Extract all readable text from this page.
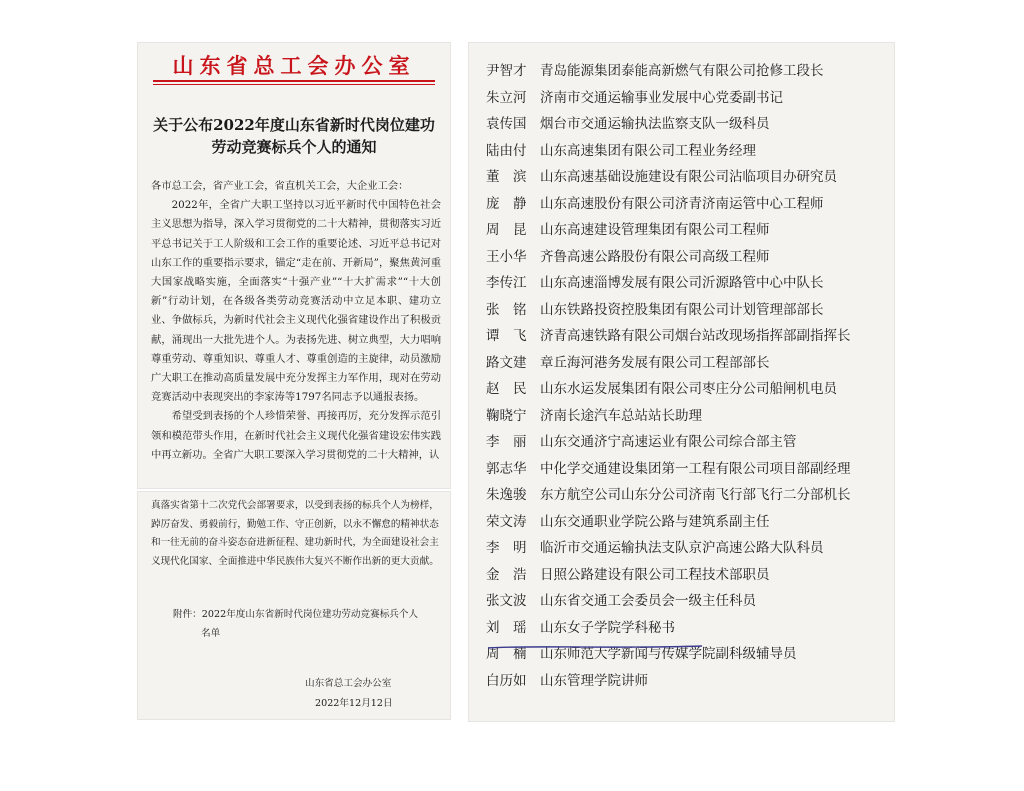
山东省总工会办公室
关于公布2022年度山东省新时代岗位建功
劳动竞赛标兵个人的通知

各市总工会，省产业工会，省直机关工会，大企业工会：

2022年，全省广大职工坚持以习近平新时代中国特色社会主义思想为指导，深入学习贯彻党的二十大精神，贯彻落实习近平总书记关于工人阶级和工会工作的重要论述、习近平总书记对山东工作的重要指示要求，锚定“走在前、开新局”，聚焦黄河重大国家战略实施，全面落实“十强产业”“十大扩需求”“十大创新”行动计划，在各级各类劳动竞赛活动中立足本职、建功立业、争做标兵，为新时代社会主义现代化强省建设作出了积极贡献，涌现出一大批先进个人。为表扬先进、树立典型，大力唱响尊重劳动、尊重知识、尊重人才、尊重创造的主旋律，动员激励广大职工在推动高质量发展中充分发挥主力军作用，现对在劳动竞赛活动中表现突出的李家涛等1797名同志予以通报表扬。

希望受到表扬的个人珍惜荣誉、再接再厉，充分发挥示范引领和模范带头作用，在新时代社会主义现代化强省建设宏伟实践中再立新功。全省广大职工要深入学习贯彻党的二十大精神，认

真落实省第十二次党代会部署要求，以受到表扬的标兵个人为榜样，踔厉奋发、勇毅前行，勤勉工作、守正创新，以永不懈怠的精神状态和一往无前的奋斗姿态奋进新征程、建功新时代，为全面建设社会主义现代化国家、全面推进中华民族伟大复兴不断作出新的更大贡献。

附件：2022年度山东省新时代岗位建功劳动竞赛标兵个人
名单
山东省总工会办公室
2022年12月12日
尹智才 青岛能源集团泰能高新燃气有限公司抢修工段长
朱立河 济南市交通运输事业发展中心党委副书记
袁传国 烟台市交通运输执法监察支队一级科员
陆由付 山东高速集团有限公司工程业务经理
董　滨 山东高速基础设施建设有限公司沾临项目办研究员
庞　静 山东高速股份有限公司济青济南运管中心工程师
周　昆 山东高速建设管理集团有限公司工程师
王小华 齐鲁高速公路股份有限公司高级工程师
李传江 山东高速淄博发展有限公司沂源路管中心中队长
张　铭 山东铁路投资控股集团有限公司计划管理部部长
谭　飞 济青高速铁路有限公司烟台站改现场指挥部副指挥长
路文建 章丘海河港务发展有限公司工程部部长
赵　民 山东水运发展集团有限公司枣庄分公司船闸机电员
鞠晓宁 济南长途汽车总站站长助理
李　丽 山东交通济宁高速运业有限公司综合部主管
郭志华 中化学交通建设集团第一工程有限公司项目部副经理
朱逸骏 东方航空公司山东分公司济南飞行部飞行二分部机长
荣文涛 山东交通职业学院公路与建筑系副主任
李　明 临沂市交通运输执法支队京沪高速公路大队科员
金　浩 日照公路建设有限公司工程技术部职员
张文波 山东省交通工会委员会一级主任科员
刘　瑶 山东女子学院学科秘书
周　楠 山东师范大学新闻与传媒学院副科级辅导员
白历如 山东管理学院讲师
